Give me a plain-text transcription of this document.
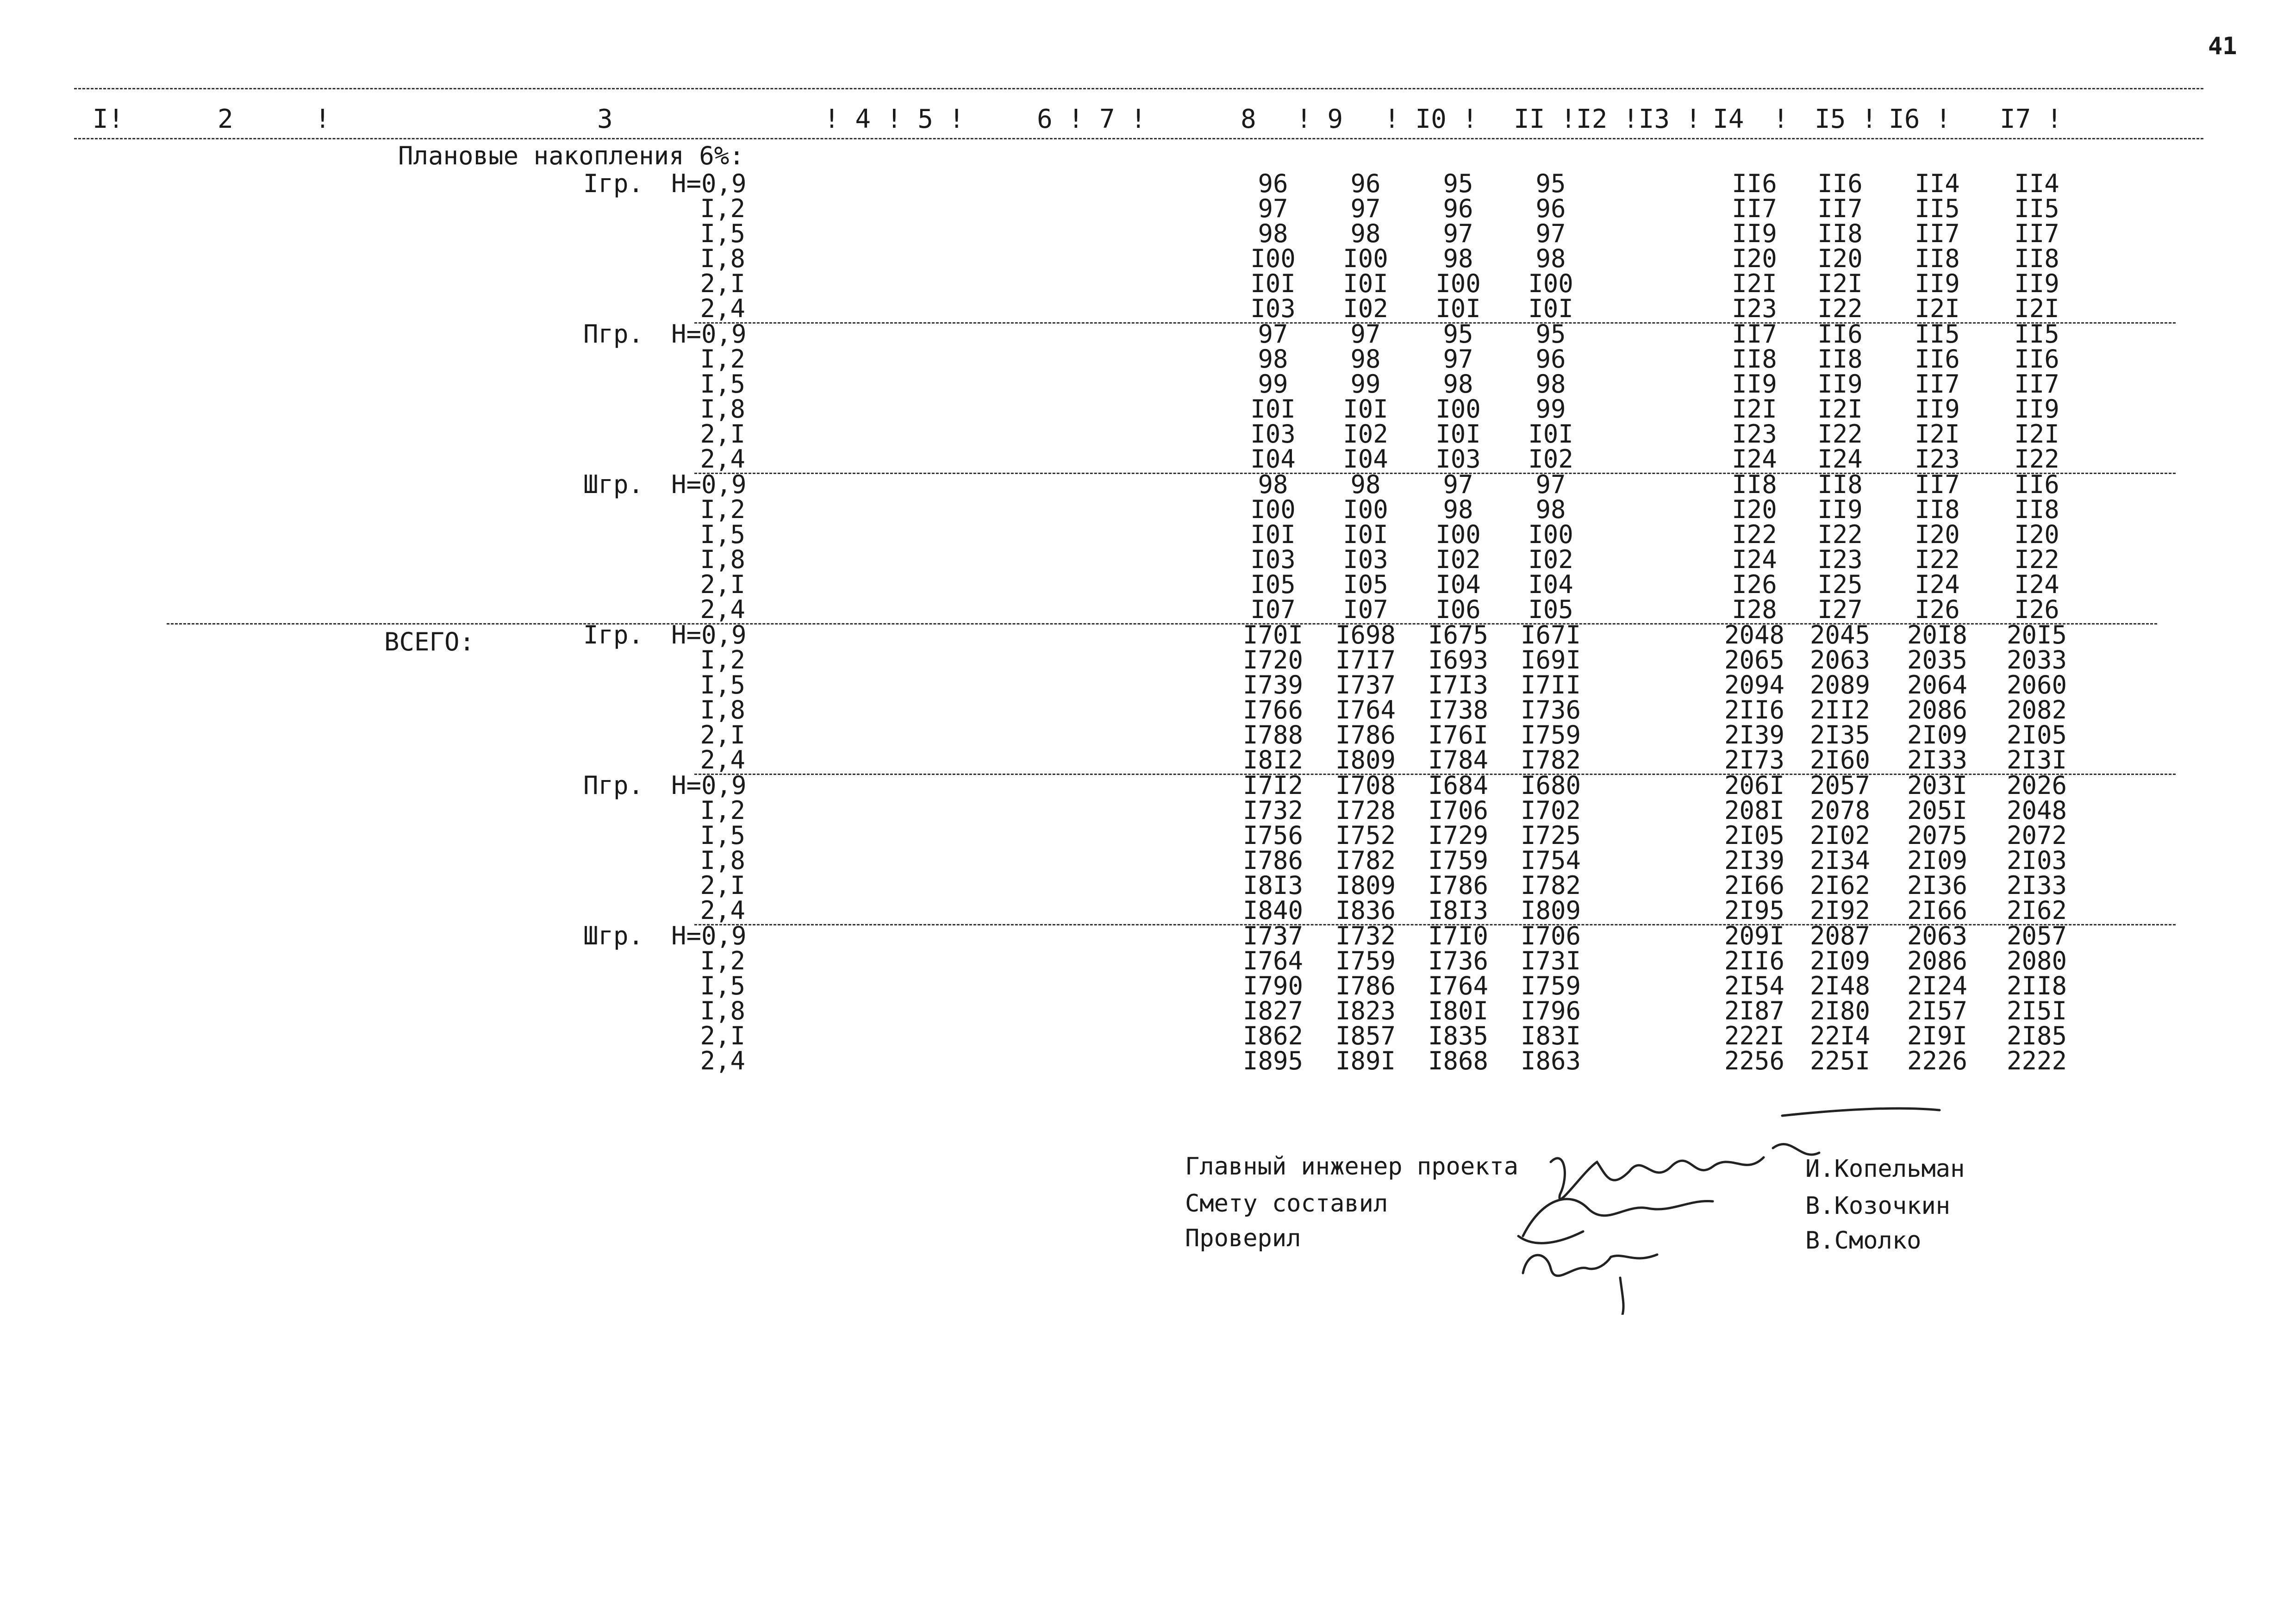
41
I!	2	!	3	! 4 ! 5 !	6 ! 7 !	8 ! 9 ! I0 ! II !I2 !I3 ! I4 ! I5 ! I6 ! I7 !
Плановые накопления 6%:
ВСЕГО:
Iгр. Н=0,9	96	96	95	95	II6	II6	II4	II4
I,2	97	97	96	96	II7	II7	II5	II5
I,5	98	98	97	97	II9	II8	II7	II7
I,8	I00	I00	98	98	I20	I20	II8	II8
2,I	I0I	I0I	I00	I00	I2I	I2I	II9	II9
2,4	I03	I02	I0I	I0I	I23	I22	I2I	I2I
Пгр. Н=0,9	97	97	95	95	II7	II6	II5	II5
I,2	98	98	97	96	II8	II8	II6	II6
I,5	99	99	98	98	II9	II9	II7	II7
I,8	I0I	I0I	I00	99	I2I	I2I	II9	II9
2,I	I03	I02	I0I	I0I	I23	I22	I2I	I2I
2,4	I04	I04	I03	I02	I24	I24	I23	I22
Шгр. Н=0,9	98	98	97	97	II8	II8	II7	II6
I,2	I00	I00	98	98	I20	II9	II8	II8
I,5	I0I	I0I	I00	I00	I22	I22	I20	I20
I,8	I03	I03	I02	I02	I24	I23	I22	I22
2,I	I05	I05	I04	I04	I26	I25	I24	I24
2,4	I07	I07	I06	I05	I28	I27	I26	I26
Iгр. Н=0,9	I70I I698 I675 I67I	2048 2045 20I8 20I5
I,2	I720 I7I7 I693 I69I	2065 2063 2035 2033
I,5	I739 I737 I7I3 I7II	2094 2089 2064 2060
I,8	I766 I764 I738 I736	2II6 2II2 2086 2082
2,I	I788 I786 I76I I759	2I39 2I35 2I09 2I05
2,4	I8I2 I809 I784 I782	2I73 2I60 2I33 2I3I
Пгр. Н=0,9	I7I2 I708 I684 I680	206I 2057 203I 2026
I,2	I732 I728 I706 I702	208I 2078 205I 2048
I,5	I756 I752 I729 I725	2I05 2I02 2075 2072
I,8	I786 I782 I759 I754	2I39 2I34 2I09 2I03
2,I	I8I3 I809 I786 I782	2I66 2I62 2I36 2I33
2,4	I840 I836 I8I3 I809	2I95 2I92 2I66 2I62
Шгр. Н=0,9	I737 I732 I7I0 I706	209I 2087 2063 2057
I,2	I764 I759 I736 I73I	2II6 2I09 2086 2080
I,5	I790 I786 I764 I759	2I54 2I48 2I24 2II8
I,8	I827 I823 I80I I796	2I87 2I80 2I57 2I5I
2,I	I862 I857 I835 I83I	222I 22I4 2I9I 2I85
2,4	I895 I89I I868 I863	2256 225I 2226 2222
Главный инженер проекта	И.Копельман
Смету составил	В.Козочкин
Проверил	В.Смолко
